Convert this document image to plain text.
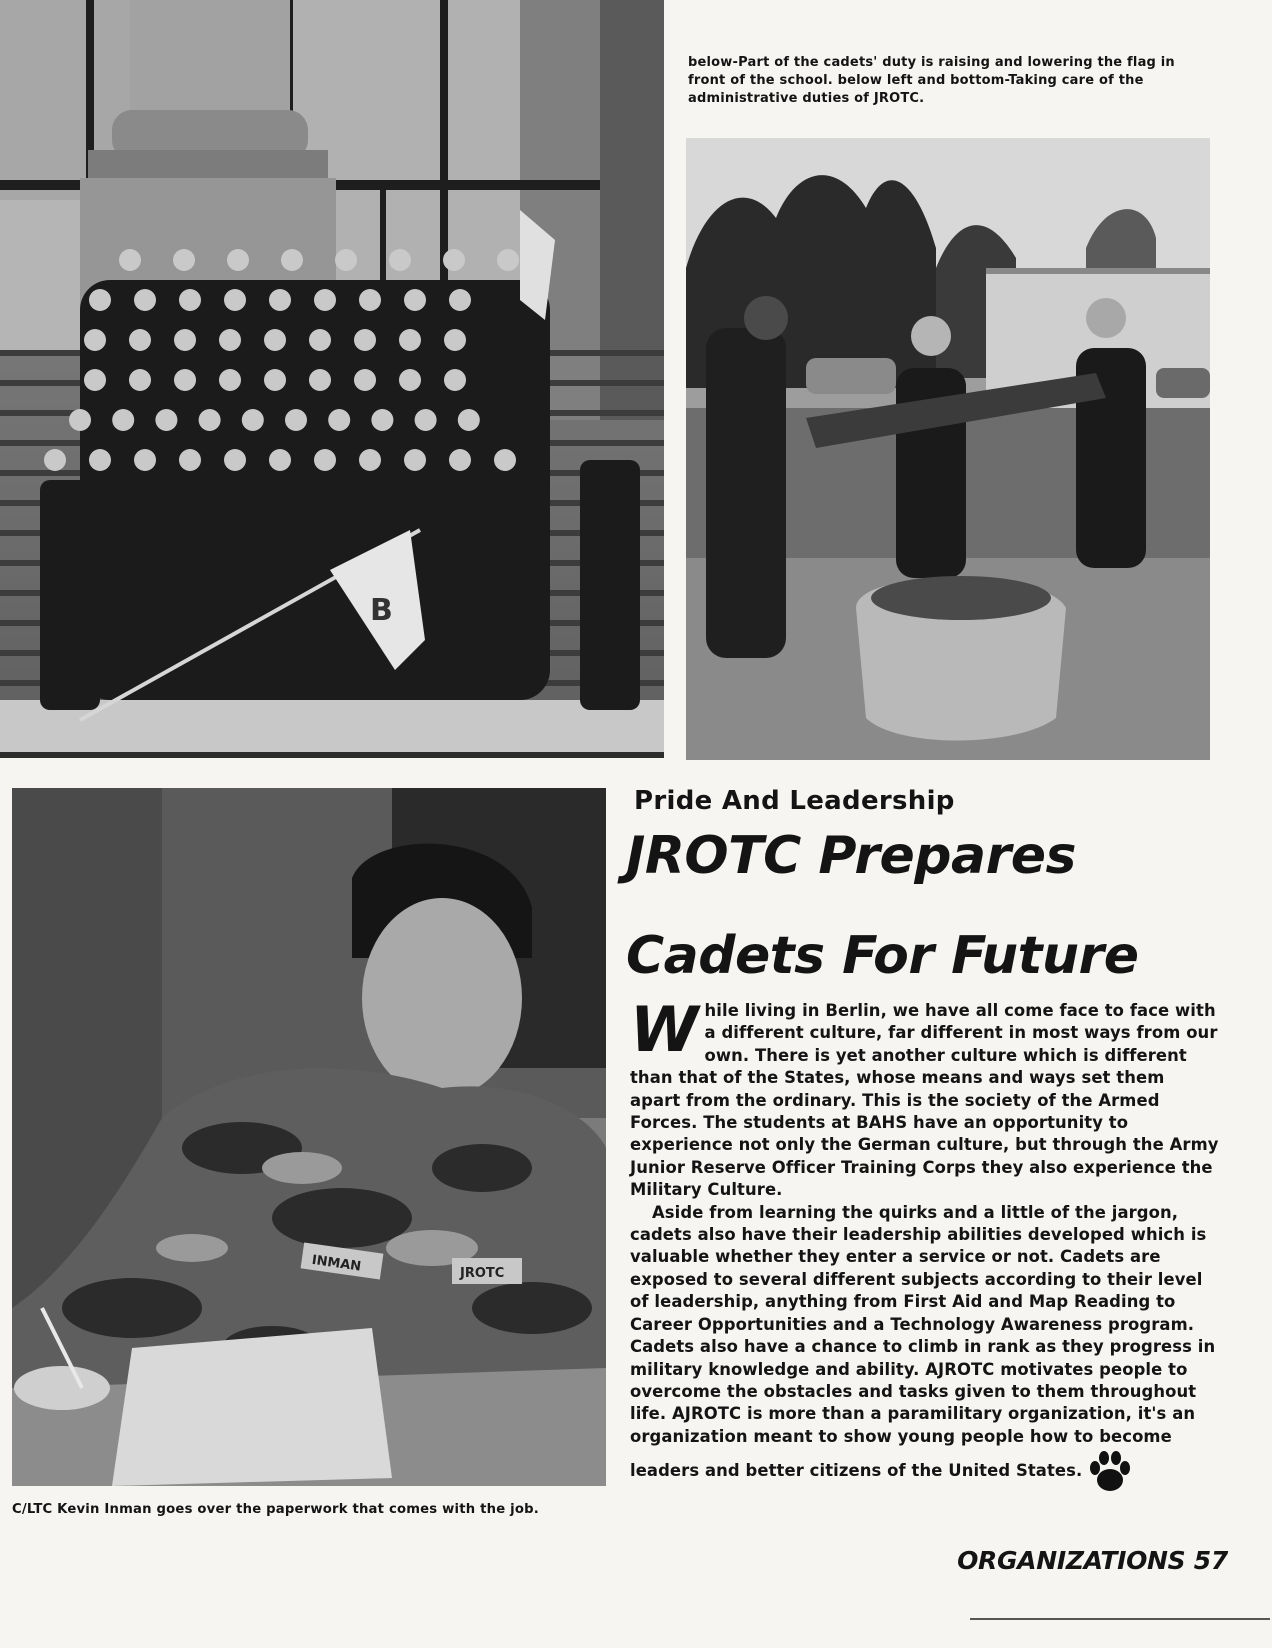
B
below-Part of the cadets' duty is raising and lowering the flag in front of the school. below left and bottom-Taking care of the administrative duties of JROTC.
INMAN	JROTC
Pride And Leadership
JROTC Prepares
Cadets For Future

While living in Berlin, we have all come face to face with a different culture, far different in most ways from our own. There is yet another culture which is different than that of the States, whose means and ways set them apart from the ordinary. This is the society of the Armed Forces. The students at BAHS have an opportunity to experience not only the German culture, but through the Army Junior Reserve Officer Training Corps they also experience the Military Culture.

Aside from learning the quirks and a little of the jargon, cadets also have their leadership abilities developed which is valuable whether they enter a service or not. Cadets are exposed to several different subjects according to their level of leadership, anything from First Aid and Map Reading to Career Opportunities and a Technology Awareness program. Cadets also have a chance to climb in rank as they progress in military knowledge and ability. AJROTC motivates people to overcome the obstacles and tasks given to them throughout life. AJROTC is more than a paramilitary organization, it's an organization meant to show young people how to become leaders and better citizens of the United States.

C/LTC Kevin Inman goes over the paperwork that comes with the job.
ORGANIZATIONS 57
